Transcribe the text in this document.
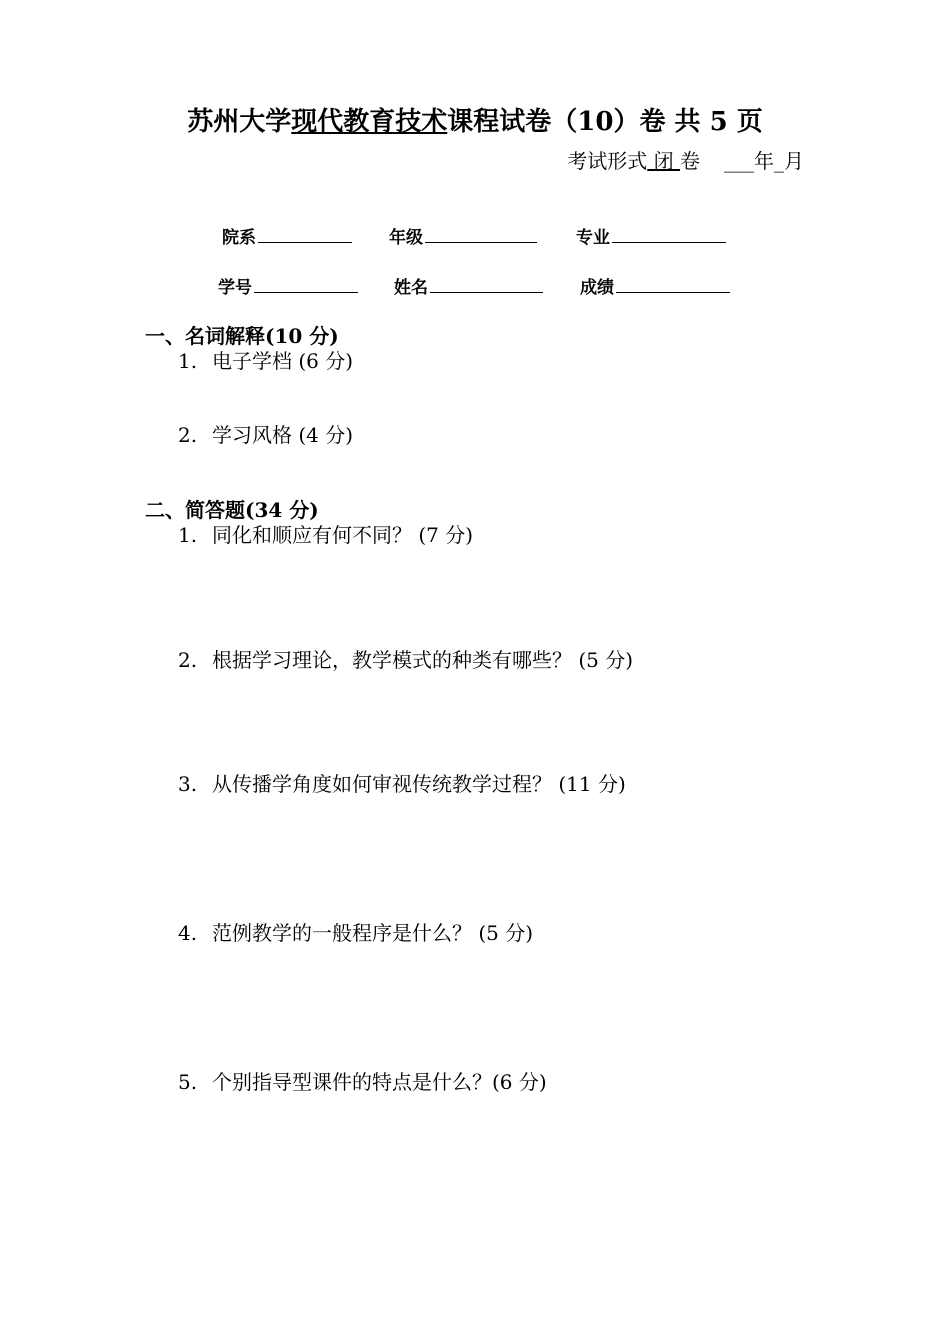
苏州大学现代教育技术课程试卷（10）卷 共 5 页
考试形式 闭 卷 ___年_月
院系	年级	专业
学号	姓名	成绩
一、名词解释(10 分)
1. 电子学档 (6 分)
2. 学习风格 (4 分)
二、简答题(34 分)
1. 同化和顺应有何不同？ (7 分)
2. 根据学习理论，教学模式的种类有哪些？ (5 分)
3. 从传播学角度如何审视传统教学过程？ (11 分)
4. 范例教学的一般程序是什么？ (5 分)
5. 个别指导型课件的特点是什么？(6 分)
